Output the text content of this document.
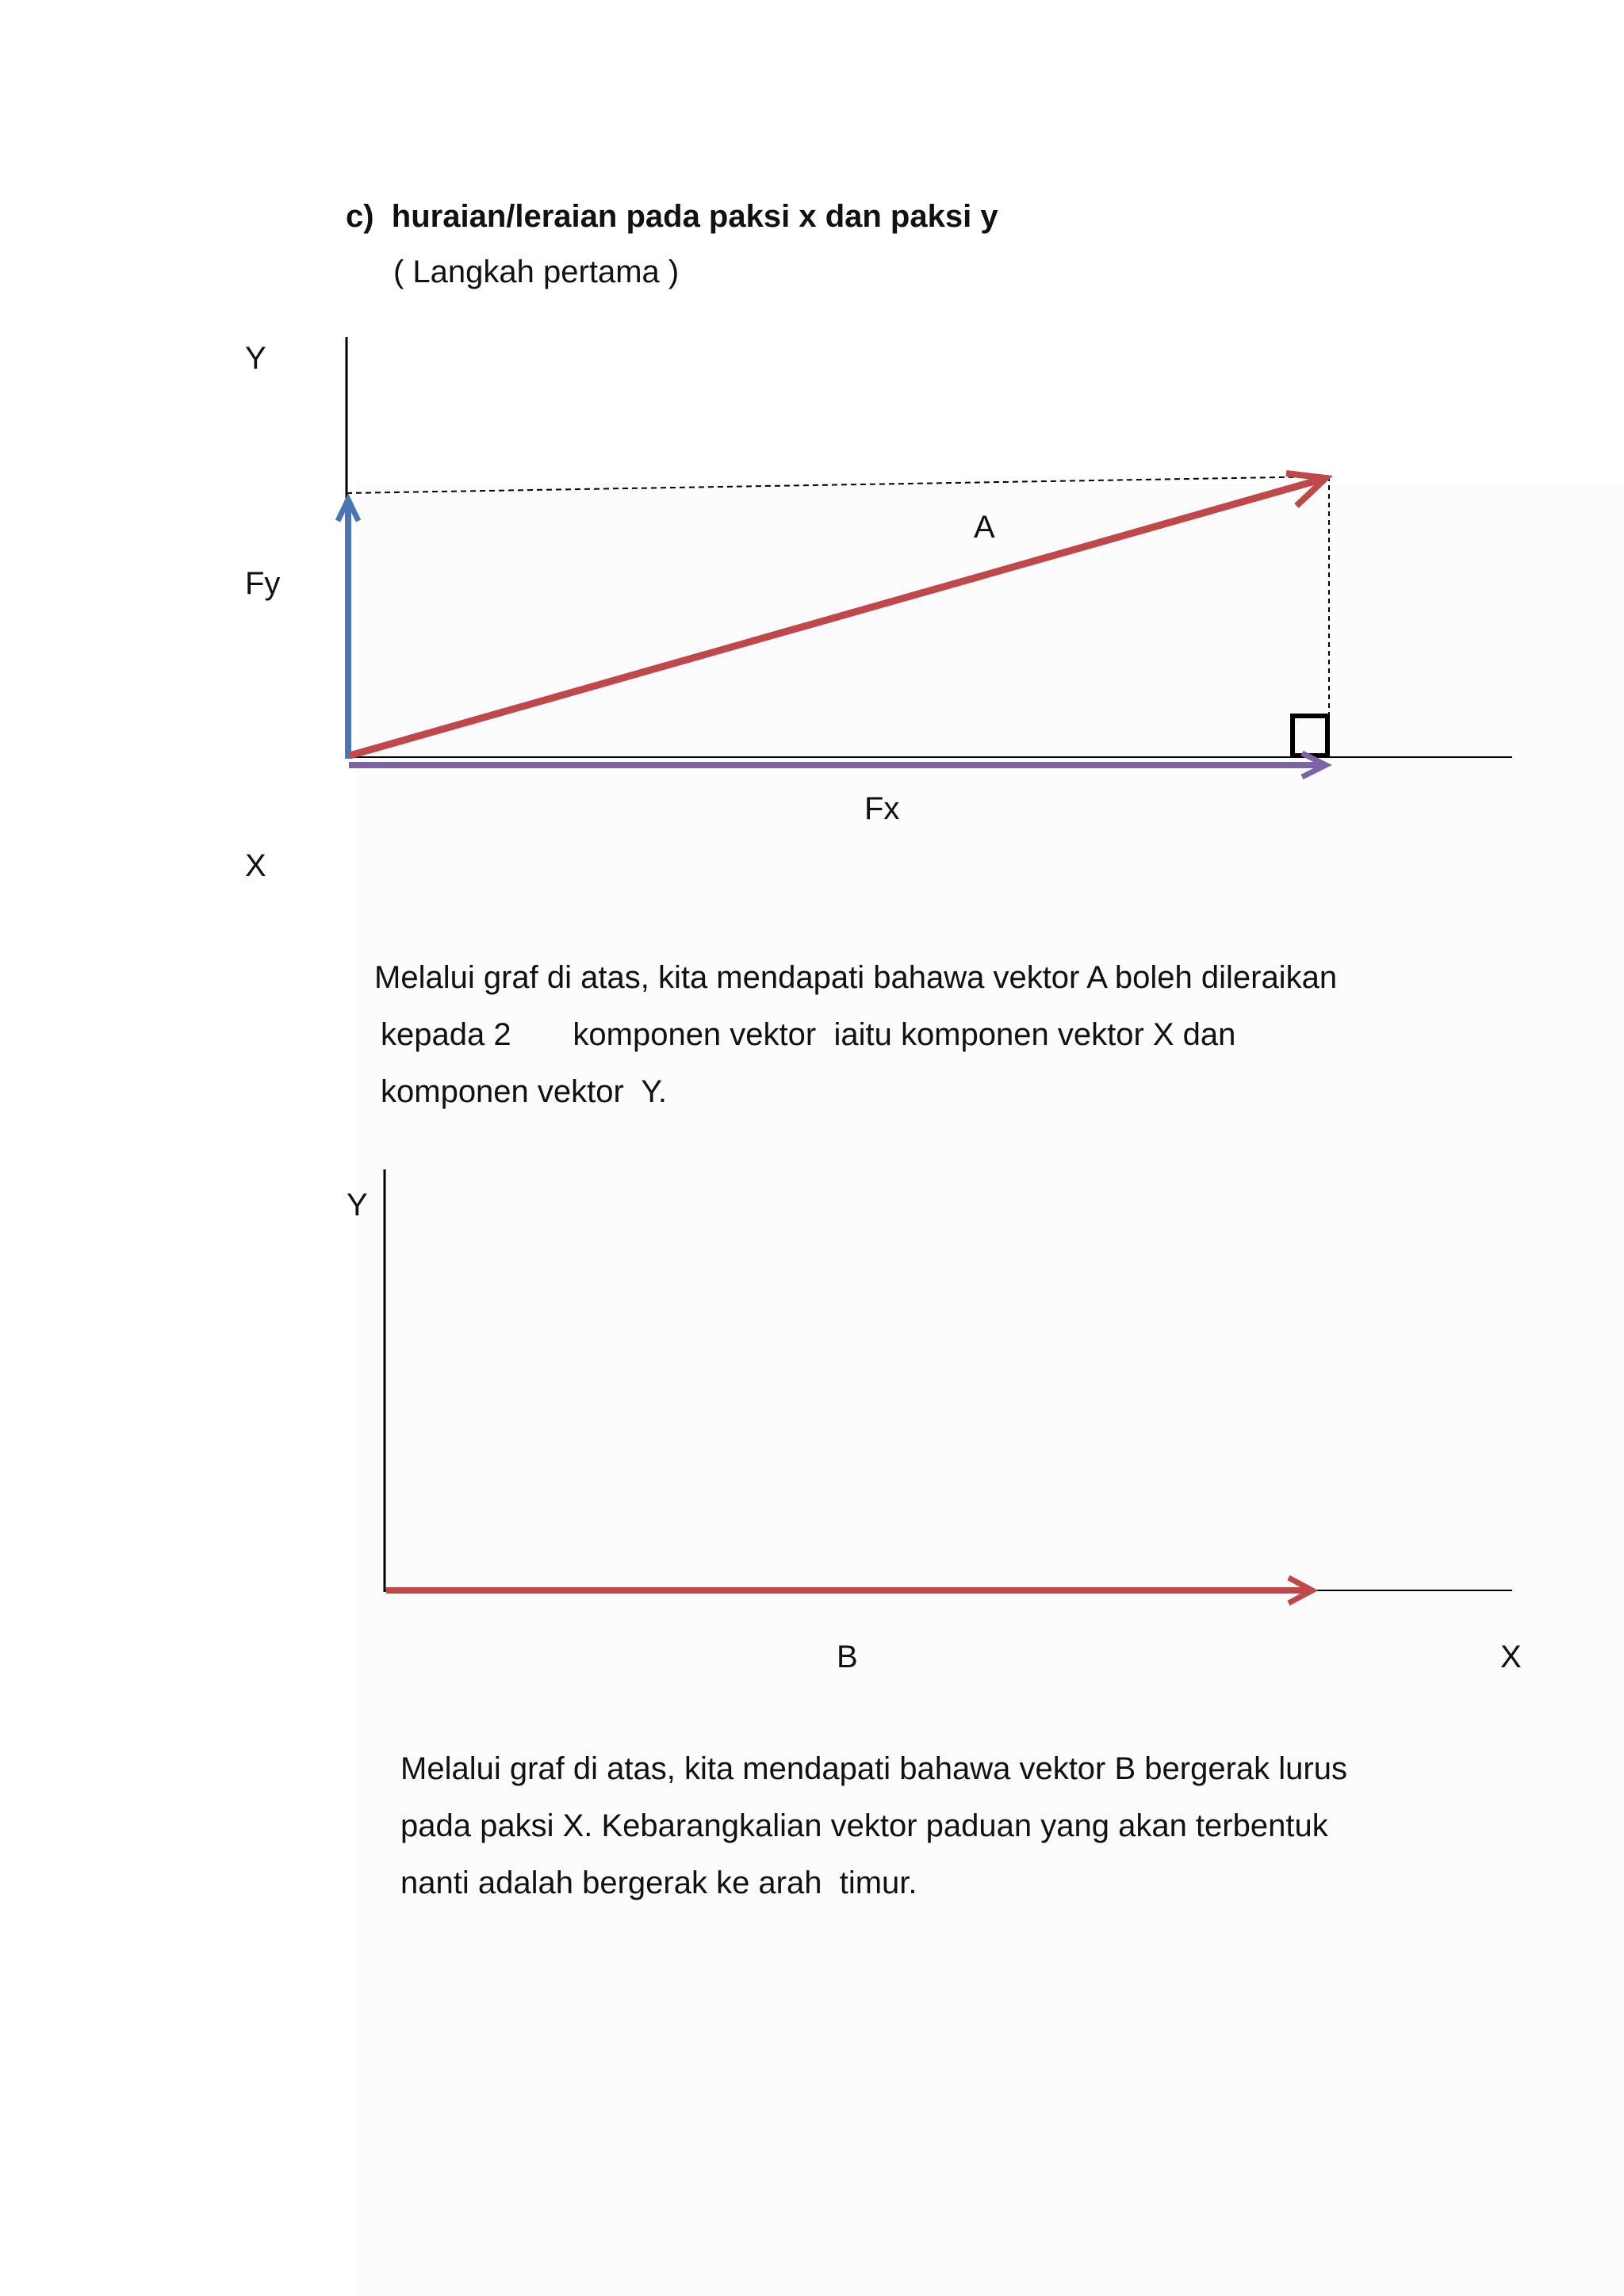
c)  huraian/leraian pada paksi x dan paksi y
( Langkah pertama )
Y
Fy
A
Fx
X
Melalui graf di atas, kita mendapati bahawa vektor A boleh dileraikan
kepada 2       komponen vektor  iaitu komponen vektor X dan
komponen vektor  Y.
Y
B	X
Melalui graf di atas, kita mendapati bahawa vektor B bergerak lurus
pada paksi X. Kebarangkalian vektor paduan yang akan terbentuk
nanti adalah bergerak ke arah  timur.
